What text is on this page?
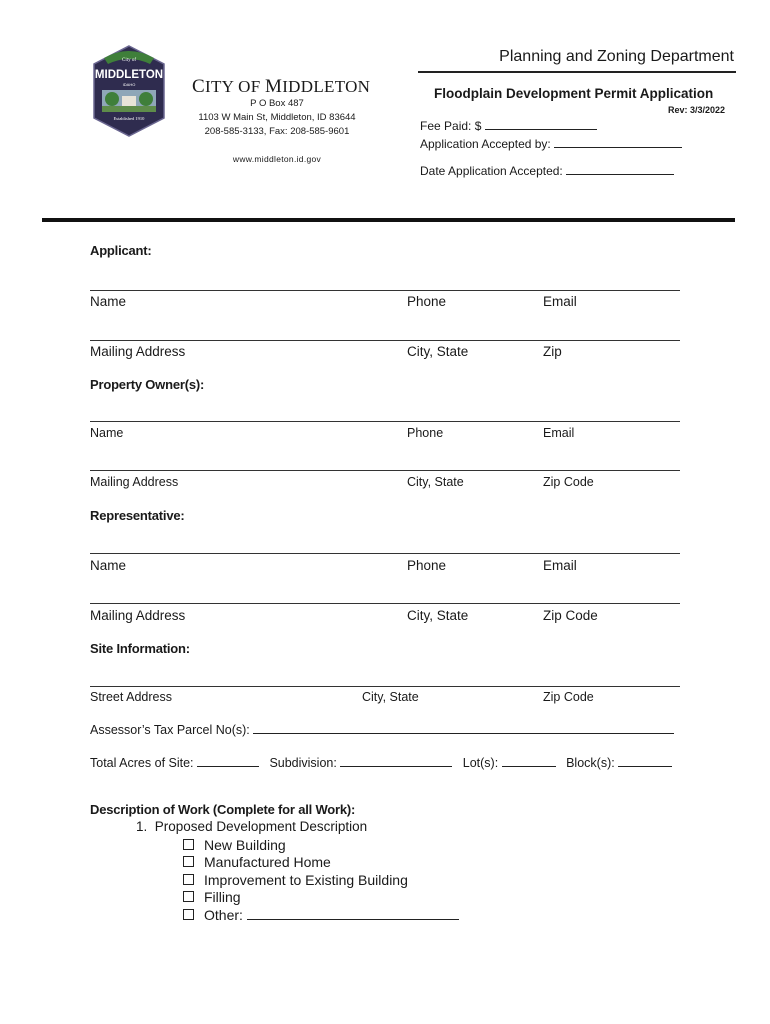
City of
MIDDLETON
IDAHO
Established 1910
CITY OF MIDDLETON
P O Box 487
1103 W Main St, Middleton, ID 83644
208-585-3133, Fax: 208-585-9601
www.middleton.id.gov
Planning and Zoning Department
Floodplain Development Permit Application
Rev: 3/3/2022
Fee Paid: $
Application Accepted by:
Date Application Accepted:
Applicant:
Name	Phone	Email
Mailing Address	City, State	Zip
Property Owner(s):
Name	Phone	Email
Mailing Address	City, State	Zip Code
Representative:
Name	Phone	Email
Mailing Address	City, State	Zip Code
Site Information:
Street Address	City, State	Zip Code
Assessor’s Tax Parcel No(s):
Total Acres of Site:	Subdivision:	Lot(s):	Block(s):
Description of Work (Complete for all Work):
1. Proposed Development Description
New Building
Manufactured Home
Improvement to Existing Building
Filling
Other:
